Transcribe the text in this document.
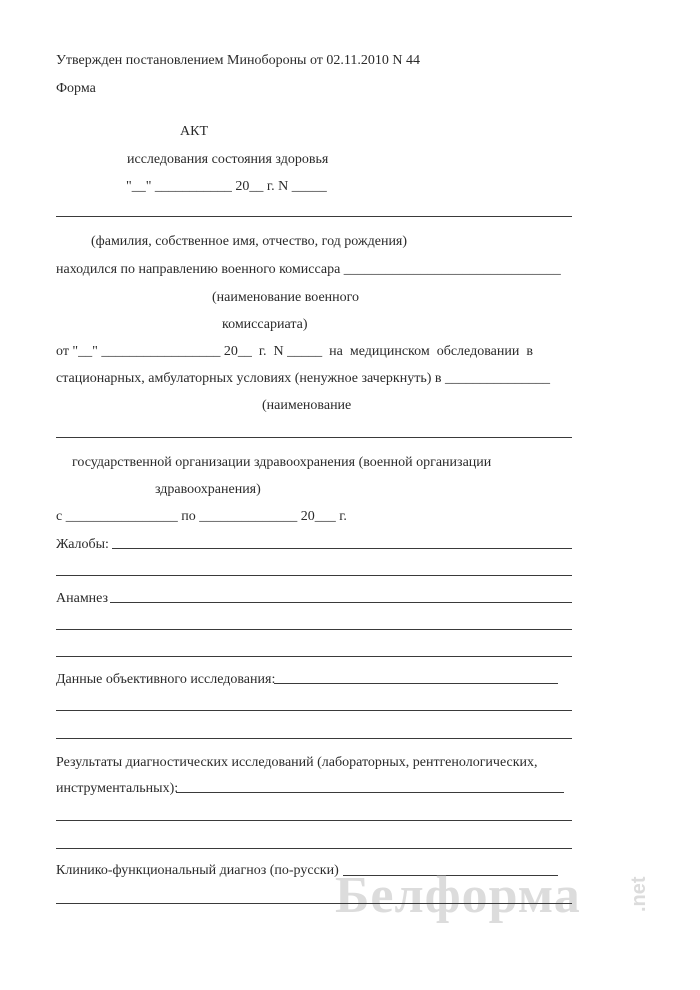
Утвержден постановлением Минобороны от 02.11.2010 N 44
Форма
АКТ
исследования состояния здоровья
"__" ___________ 20__ г. N _____
(фамилия, собственное имя, отчество, год рождения)
находился по направлению военного комиссара _______________________________
(наименование военного
комиссариата)
от "__" _________________ 20__  г.  N _____  на  медицинском  обследовании  в
стационарных, амбулаторных условиях (ненужное зачеркнуть) в _______________
(наименование
государственной организации здравоохранения (военной организации
здравоохранения)
с ________________ по ______________ 20___ г.
Жалобы:
Анамнез
Данные объективного исследования:
Результаты диагностических исследований (лабораторных, рентгенологических,
инструментальных):
Клинико-функциональный диагноз (по-русски)
Белформа .net
